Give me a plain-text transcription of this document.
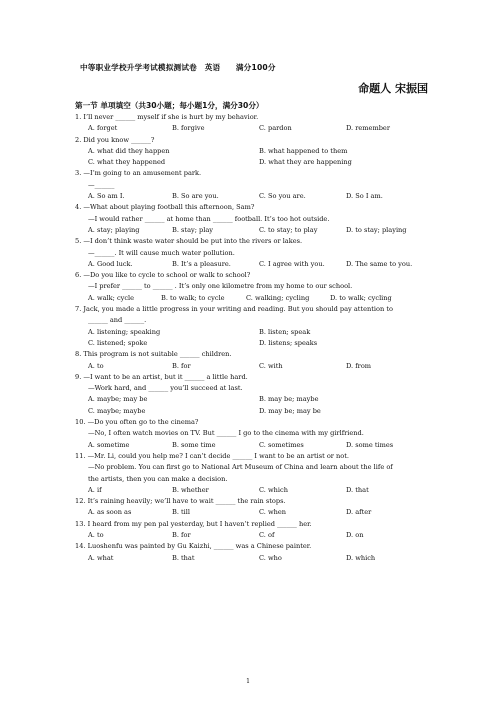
中等职业学校升学考试模拟测试卷　英语　　满分100分
命题人 宋振国
第一节 单项填空（共30小题；每小题1分，满分30分）
1. I’ll never ______ myself if she is hurt by my behavior.
A. forget	B. forgive	C. pardon	D. remember
2. Did you know ______?
A. what did they happen	B. what happened to them
C. what they happened	D. what they are happening
3. —I’m going to an amusement park.
—______
A. So am I.	B. So are you.	C. So you are.	D. So I am.
4. —What about playing football this afternoon, Sam?
—I would rather ______ at home than ______ football. It’s too hot outside.
A. stay; playing	B. stay; play	C. to stay; to play	D. to stay; playing
5. —I don’t think waste water should be put into the rivers or lakes.
—______. It will cause much water pollution.
A. Good luck.	B. It’s a pleasure.	C. I agree with you.	D. The same to you.
6. —Do you like to cycle to school or walk to school?
—I prefer ______ to ______ . It’s only one kilometre from my home to our school.
A. walk; cycle	B. to walk; to cycle	C. walking; cycling	D. to walk; cycling
7. Jack, you made a little progress in your writing and reading. But you should pay attention to
______ and ______.
A. listening; speaking	B. listen; speak
C. listened; spoke	D. listens; speaks
8. This program is not suitable ______ children.
A. to	B. for	C. with	D. from
9. —I want to be an artist, but it ______ a little hard.
—Work hard, and ______ you’ll succeed at last.
A. maybe; may be	B. may be; maybe
C. maybe; maybe	D. may be; may be
10. —Do you often go to the cinema?
—No, I often watch movies on TV. But ______ I go to the cinema with my girlfriend.
A. sometime	B. some time	C. sometimes	D. some times
11. —Mr. Li, could you help me? I can’t decide ______ I want to be an artist or not.
—No problem. You can first go to National Art Museum of China and learn about the life of
the artists, then you can make a decision.
A. if	B. whether	C. which	D. that
12. It’s raining heavily; we’ll have to wait ______ the rain stops.
A. as soon as	B. till	C. when	D. after
13. I heard from my pen pal yesterday, but I haven’t replied ______ her.
A. to	B. for	C. of	D. on
14. Luoshenfu was painted by Gu Kaizhi, ______ was a Chinese painter.
A. what	B. that	C. who	D. which
1
